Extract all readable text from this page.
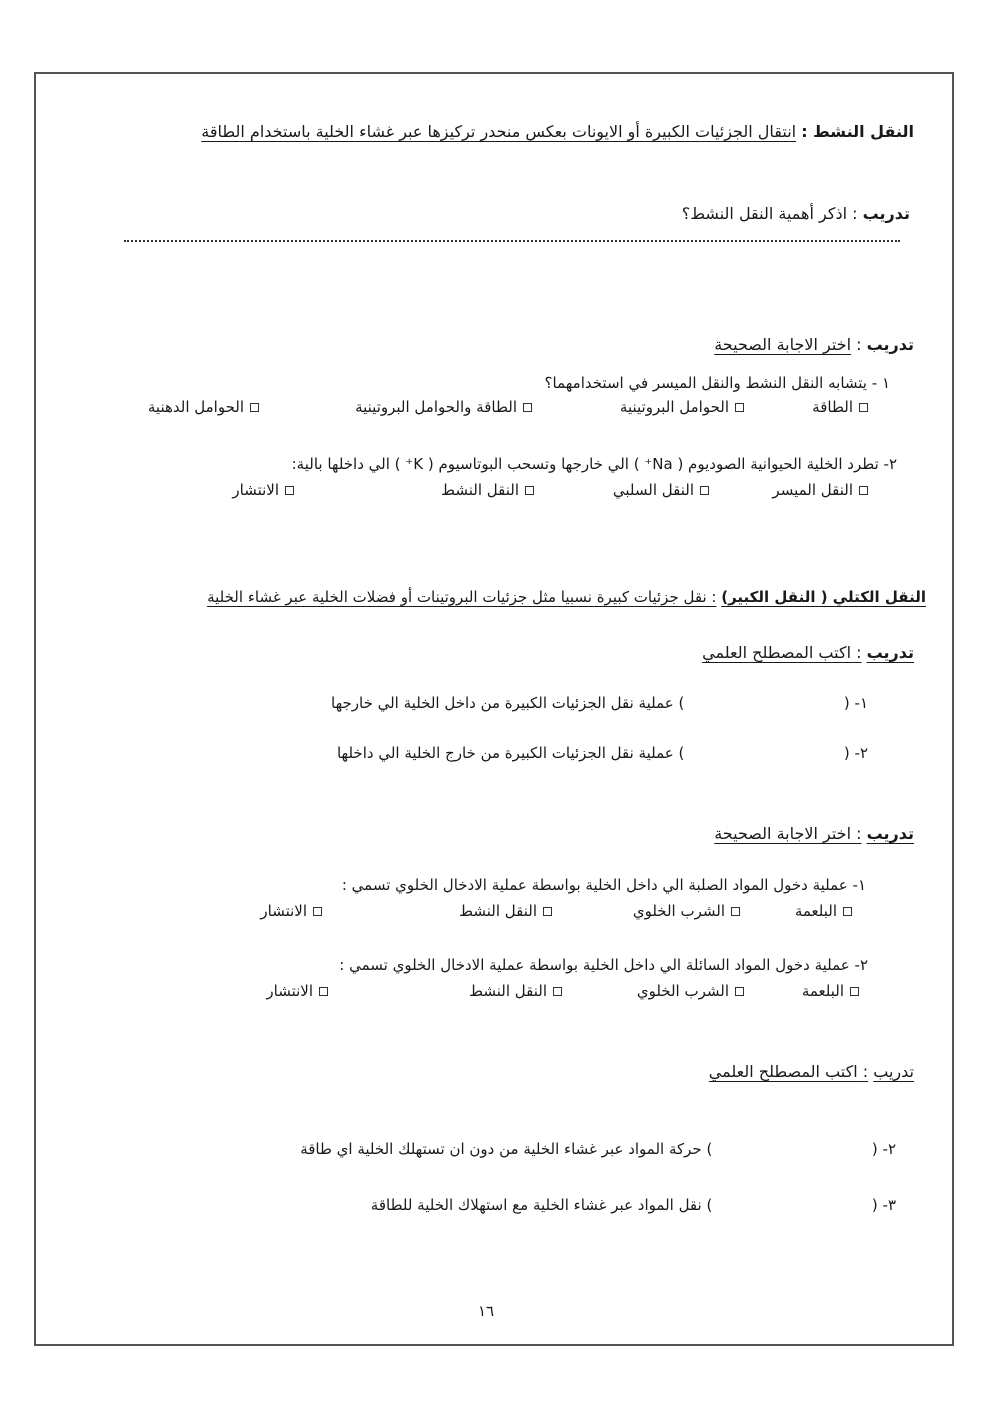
النقل النشط : انتقال الجزئيات الكبيرة أو الايونات بعكس منحدر تركيزها عبر غشاء الخلية باستخدام الطاقة
تدريب : اذكر أهمية النقل النشط؟
تدريب : اختر الاجابة الصحيحة
١ - يتشابه النقل النشط والنقل الميسر في استخدامهما؟
الطاقة
الحوامل البروتينية
الطاقة والحوامل البروتينية
الحوامل الدهنية
٢- تطرد الخلية الحيوانية الصوديوم ( Na⁺ ) الي خارجها وتسحب البوتاسيوم ( K⁺ ) الي داخلها بالية:
النقل الميسر
النقل السلبي
النقل النشط
الانتشار
النقل الكتلي ( النقل الكبير) : نقل جزئيات كبيرة نسبيا مثل جزئيات البروتينات أو فضلات الخلية عبر غشاء الخلية
تدريب : اكتب المصطلح العلمي
١- (  ) عملية نقل الجزئيات الكبيرة من داخل الخلية الي خارجها
٢- (  ) عملية نقل الجزئيات الكبيرة من خارج الخلية الي داخلها
تدريب : اختر الاجابة الصحيحة
١- عملية دخول المواد الصلبة الي داخل الخلية بواسطة عملية الادخال الخلوي تسمي :
البلعمة
الشرب الخلوي
النقل النشط
الانتشار
٢- عملية دخول المواد السائلة الي داخل الخلية بواسطة عملية الادخال الخلوي تسمي :
البلعمة
الشرب الخلوي
النقل النشط
الانتشار
تدريب : اكتب المصطلح العلمي
٢- (  ) حركة المواد عبر غشاء الخلية من دون ان تستهلك الخلية اي طاقة
٣- (  ) نقل المواد عبر غشاء الخلية مع استهلاك الخلية للطاقة
١٦
